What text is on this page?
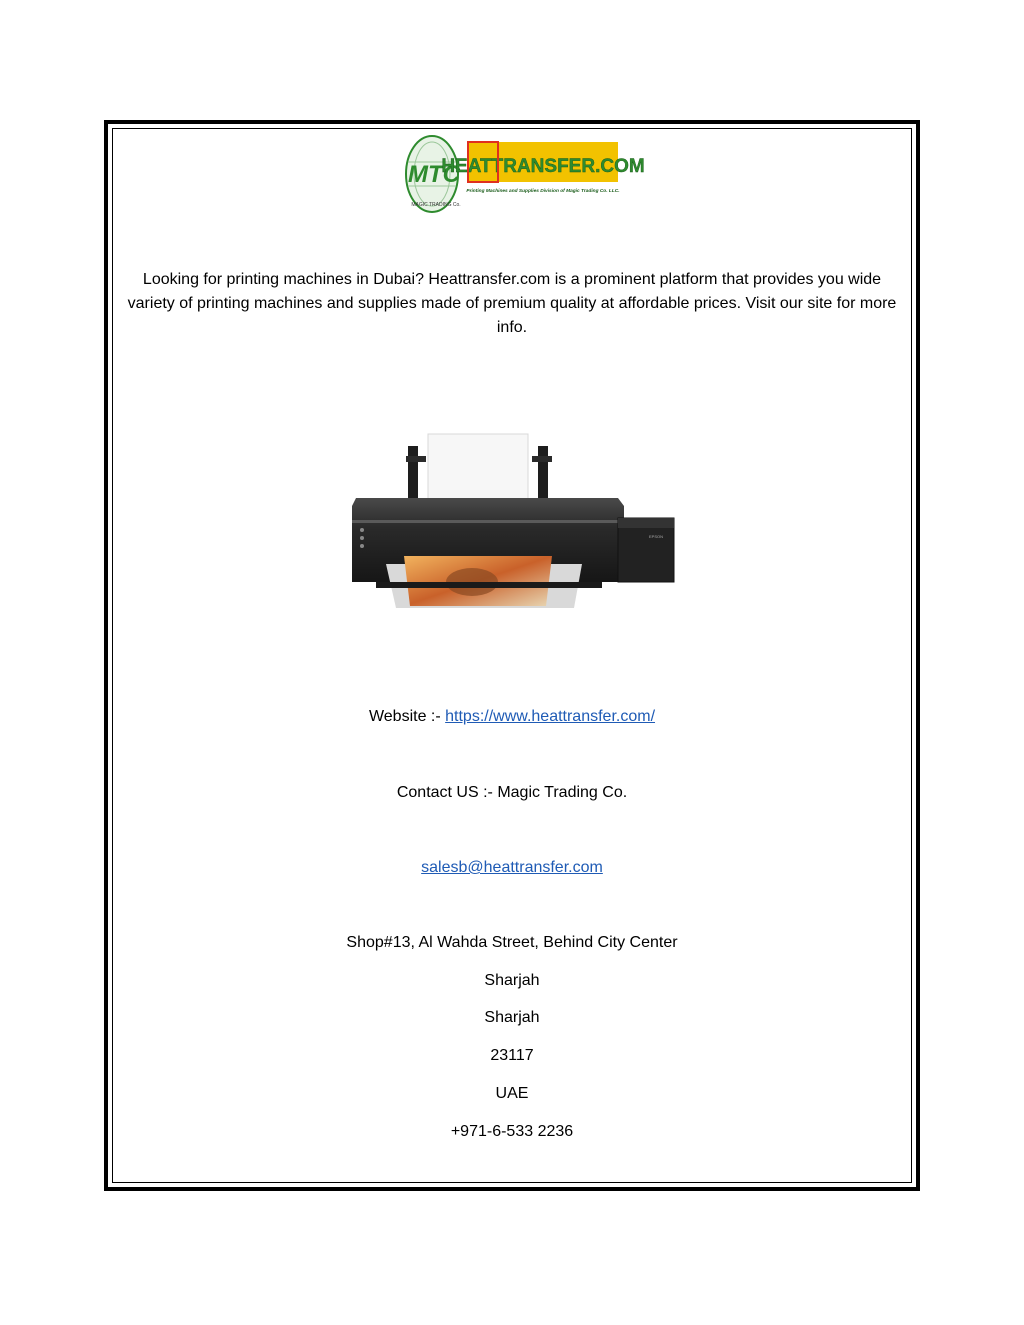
MTC
MAGIC TRADING Co.
HEATTRANSFER.COM
Printing Machines and Supplies Division of Magic Trading Co. LLC.
Looking for printing machines in Dubai? Heattransfer.com is a prominent platform that provides you wide variety of printing machines and supplies made of premium quality at affordable prices. Visit our site for more info.
EPSON
Website :- https://www.heattransfer.com/
Contact US :- Magic Trading Co.
salesb@heattransfer.com
Shop#13, Al Wahda Street, Behind City Center
Sharjah
Sharjah
23117
UAE
+971-6-533 2236
